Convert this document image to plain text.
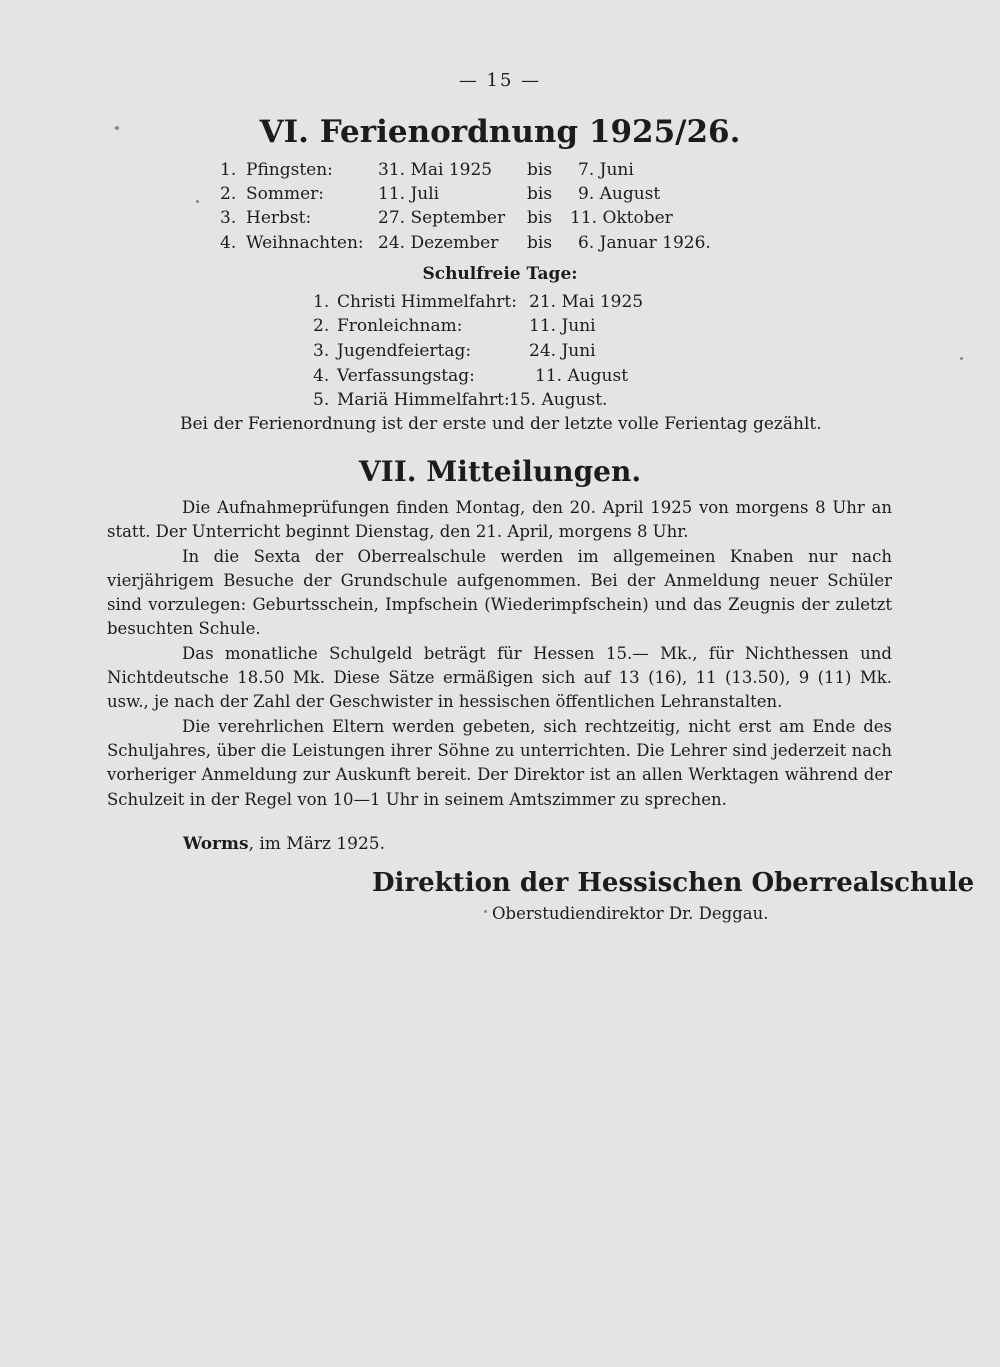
— 15 —
VI. Ferienordnung 1925/26.
1. Pfingsten:	31. Mai 1925 bis 7. Juni
2. Sommer:	11. Juli	bis 9. August
3. Herbst:	27. September bis 11. Oktober
4. Weihnachten: 24. Dezember bis 6. Januar 1926.
Schulfreie Tage:
1. Christi Himmelfahrt: 21. Mai 1925
2. Fronleichnam:	11. Juni
3. Jugendfeiertag:	24. Juni
4. Verfassungstag:	11. August
5. Mariä Himmelfahrt: 15. August.
Bei der Ferienordnung ist der erste und der letzte volle Ferientag gezählt.
VII. Mitteilungen.

Die Aufnahmeprüfungen finden Montag, den 20. April 1925 von morgens 8 Uhr an statt. Der Unterricht beginnt Dienstag, den 21. April, morgens 8 Uhr.

In die Sexta der Oberrealschule werden im allgemeinen Knaben nur nach vierjährigem Besuche der Grundschule aufgenommen. Bei der Anmeldung neuer Schüler sind vorzulegen: Geburtsschein, Impfschein (Wiederimpfschein) und das Zeugnis der zuletzt besuchten Schule.

Das monatliche Schulgeld beträgt für Hessen 15.— Mk., für Nichthessen und Nichtdeutsche 18.50 Mk. Diese Sätze ermäßigen sich auf 13 (16), 11 (13.50), 9 (11) Mk. usw., je nach der Zahl der Geschwister in hessischen öffentlichen Lehranstalten.

Die verehrlichen Eltern werden gebeten, sich rechtzeitig, nicht erst am Ende des Schuljahres, über die Leistungen ihrer Söhne zu unterrichten. Die Lehrer sind jederzeit nach vorheriger Anmeldung zur Auskunft bereit. Der Direktor ist an allen Werktagen während der Schulzeit in der Regel von 10—1 Uhr in seinem Amtszimmer zu sprechen.

Worms, im März 1925.
Direktion der Hessischen Oberrealschule
Oberstudiendirektor Dr. Deggau.
